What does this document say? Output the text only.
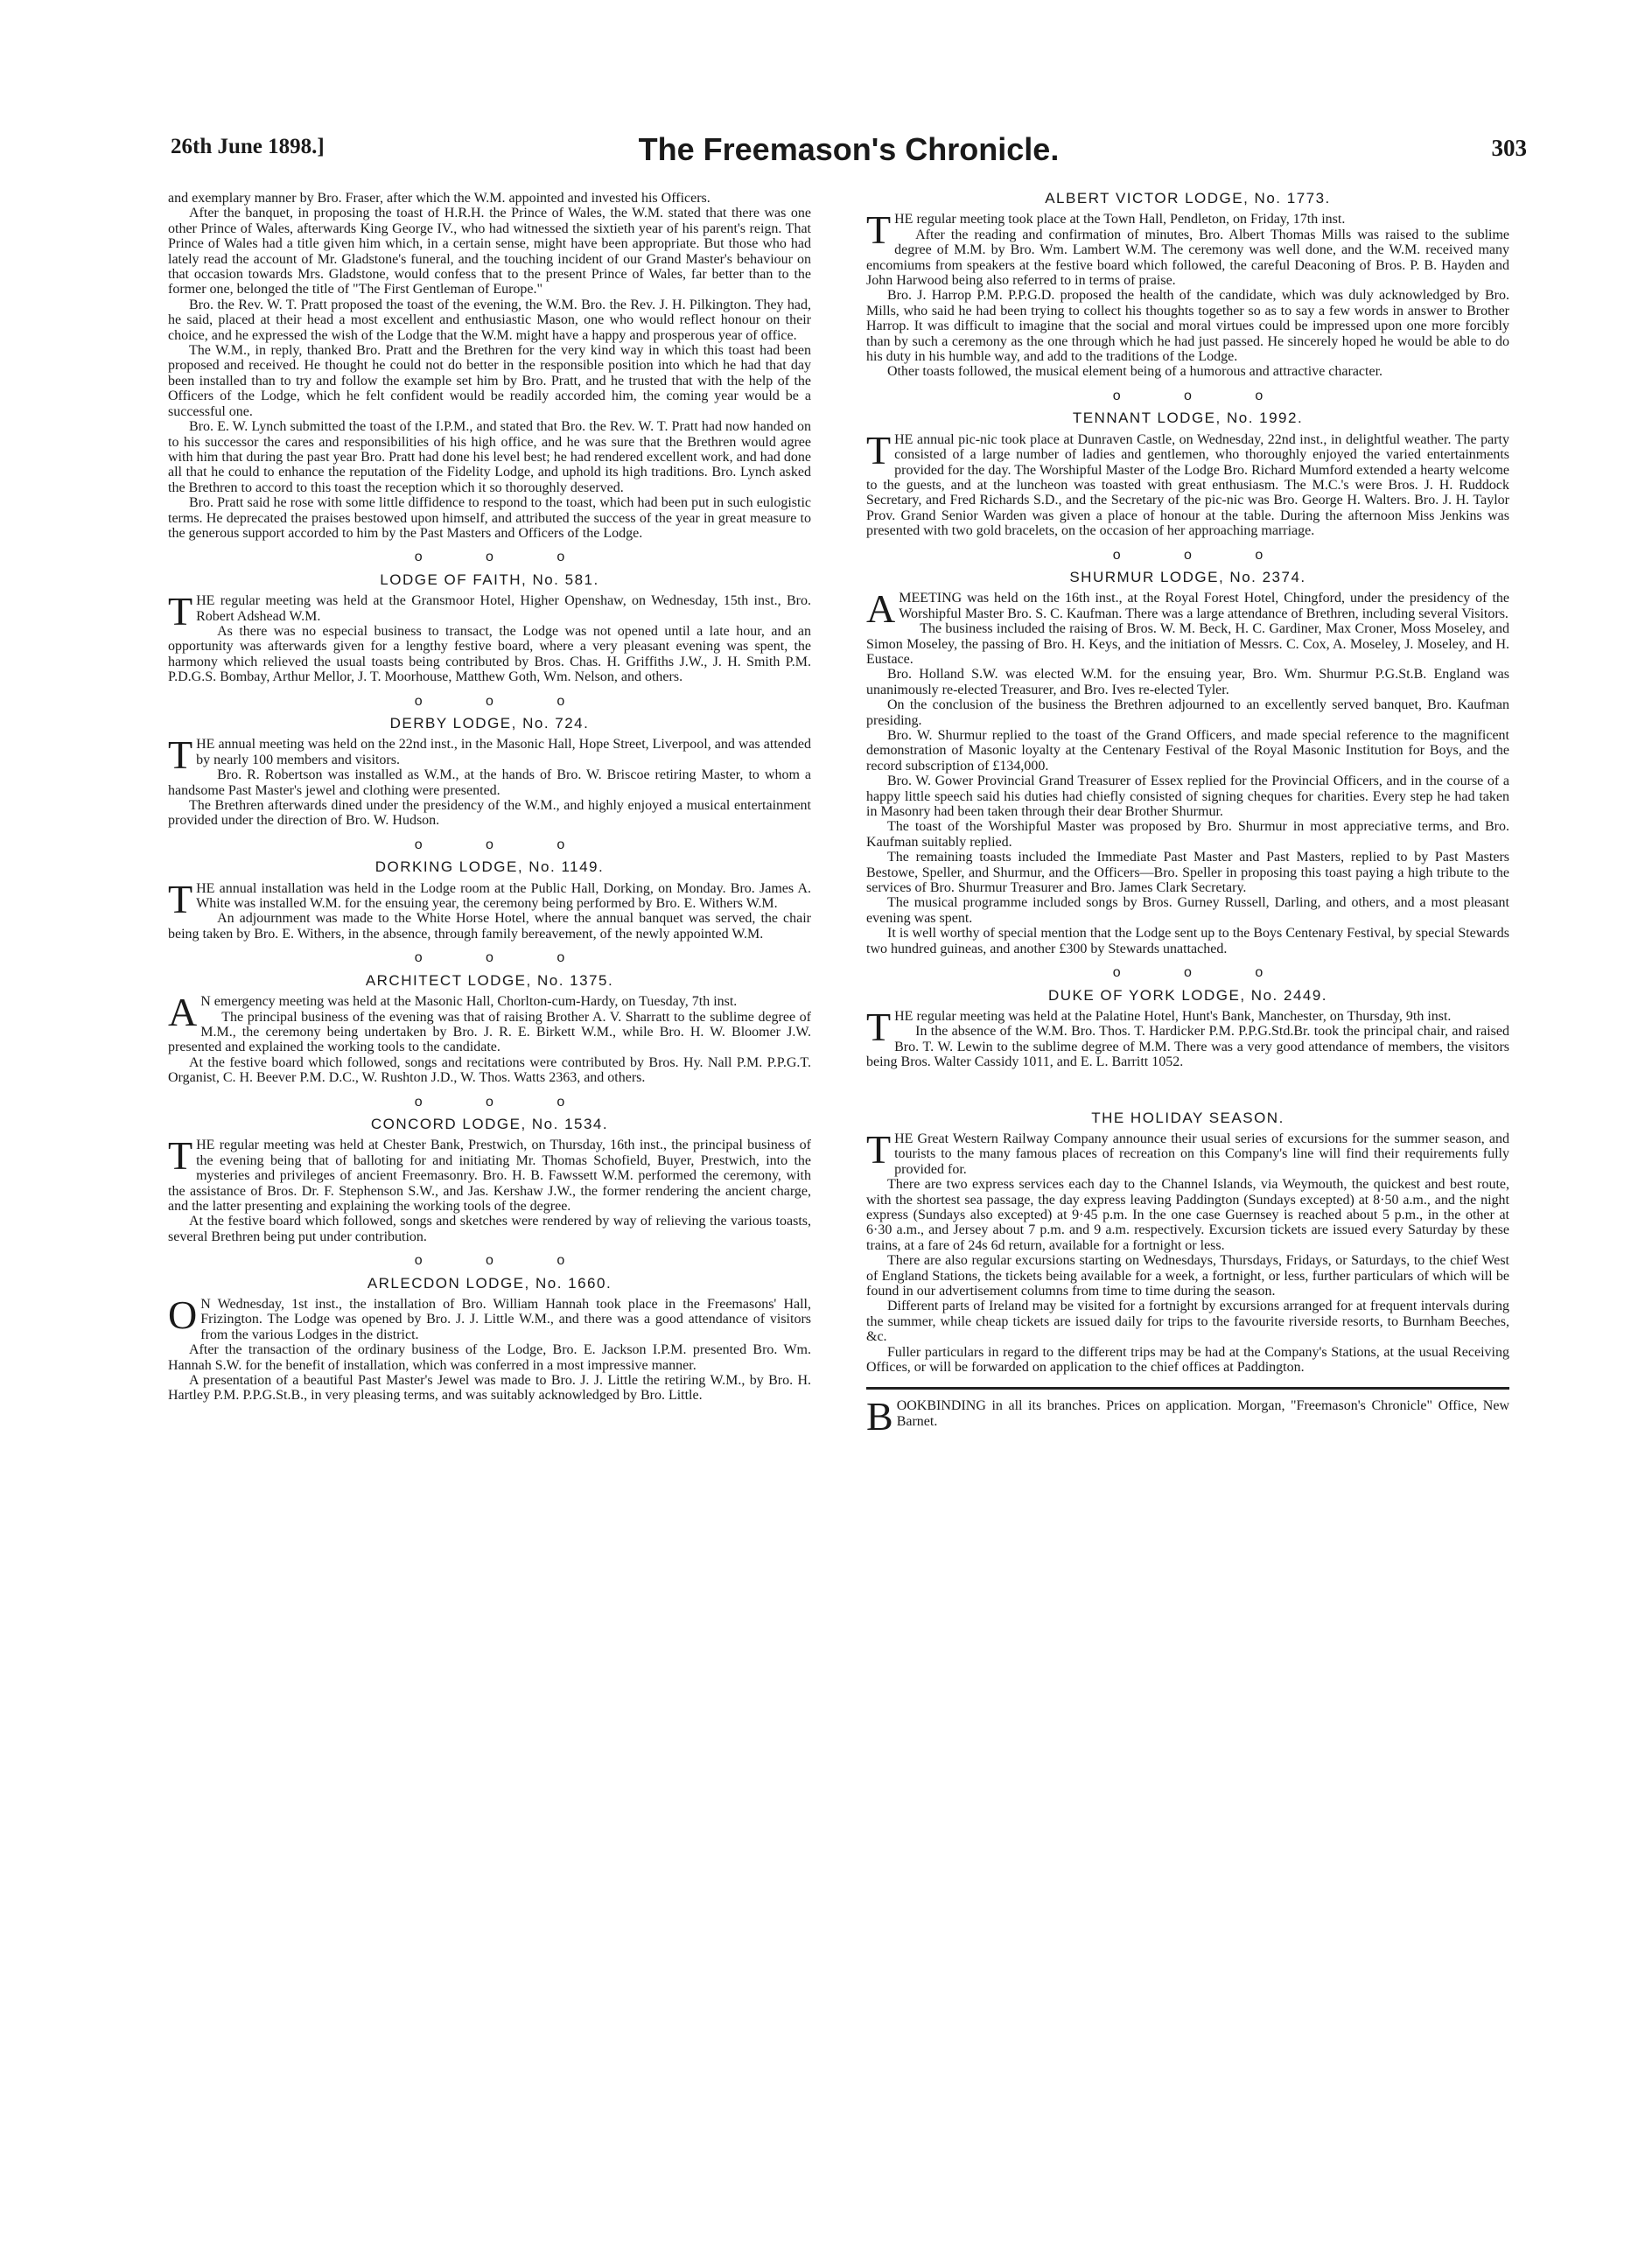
26th June 1898.]	The Freemason's Chronicle.	303

and exemplary manner by Bro. Fraser, after which the W.M. appointed and invested his Officers.

After the banquet, in proposing the toast of H.R.H. the Prince of Wales, the W.M. stated that there was one other Prince of Wales, afterwards King George IV., who had witnessed the sixtieth year of his parent's reign. That Prince of Wales had a title given him which, in a certain sense, might have been appropriate. But those who had lately read the account of Mr. Gladstone's funeral, and the touching incident of our Grand Master's behaviour on that occasion towards Mrs. Gladstone, would confess that to the present Prince of Wales, far better than to the former one, belonged the title of "The First Gentleman of Europe."

Bro. the Rev. W. T. Pratt proposed the toast of the evening, the W.M. Bro. the Rev. J. H. Pilkington. They had, he said, placed at their head a most excellent and enthusiastic Mason, one who would reflect honour on their choice, and he expressed the wish of the Lodge that the W.M. might have a happy and prosperous year of office.

The W.M., in reply, thanked Bro. Pratt and the Brethren for the very kind way in which this toast had been proposed and received. He thought he could not do better in the responsible position into which he had that day been installed than to try and follow the example set him by Bro. Pratt, and he trusted that with the help of the Officers of the Lodge, which he felt confident would be readily accorded him, the coming year would be a successful one.

Bro. E. W. Lynch submitted the toast of the I.P.M., and stated that Bro. the Rev. W. T. Pratt had now handed on to his successor the cares and responsibilities of his high office, and he was sure that the Brethren would agree with him that during the past year Bro. Pratt had done his level best; he had rendered excellent work, and had done all that he could to enhance the reputation of the Fidelity Lodge, and uphold its high traditions. Bro. Lynch asked the Brethren to accord to this toast the reception which it so thoroughly deserved.

Bro. Pratt said he rose with some little diffidence to respond to the toast, which had been put in such eulogistic terms. He deprecated the praises bestowed upon himself, and attributed the success of the year in great measure to the generous support accorded to him by the Past Masters and Officers of the Lodge.

o o o
LODGE OF FAITH, No. 581.

THE regular meeting was held at the Gransmoor Hotel, Higher Openshaw, on Wednesday, 15th inst., Bro. Robert Adshead W.M.

As there was no especial business to transact, the Lodge was not opened until a late hour, and an opportunity was afterwards given for a lengthy festive board, where a very pleasant evening was spent, the harmony which relieved the usual toasts being contributed by Bros. Chas. H. Griffiths J.W., J. H. Smith P.M. P.D.G.S. Bombay, Arthur Mellor, J. T. Moorhouse, Matthew Goth, Wm. Nelson, and others.

o o o
DERBY LODGE, No. 724.

THE annual meeting was held on the 22nd inst., in the Masonic Hall, Hope Street, Liverpool, and was attended by nearly 100 members and visitors.

Bro. R. Robertson was installed as W.M., at the hands of Bro. W. Briscoe retiring Master, to whom a handsome Past Master's jewel and clothing were presented.

The Brethren afterwards dined under the presidency of the W.M., and highly enjoyed a musical entertainment provided under the direction of Bro. W. Hudson.

o o o
DORKING LODGE, No. 1149.

THE annual installation was held in the Lodge room at the Public Hall, Dorking, on Monday. Bro. James A. White was installed W.M. for the ensuing year, the ceremony being performed by Bro. E. Withers W.M.

An adjournment was made to the White Horse Hotel, where the annual banquet was served, the chair being taken by Bro. E. Withers, in the absence, through family bereavement, of the newly appointed W.M.

o o o
ARCHITECT LODGE, No. 1375.

A N emergency meeting was held at the Masonic Hall, Chorlton-cum-Hardy, on Tuesday, 7th inst.

The principal business of the evening was that of raising Brother A. V. Sharratt to the sublime degree of M.M., the ceremony being undertaken by Bro. J. R. E. Birkett W.M., while Bro. H. W. Bloomer J.W. presented and explained the working tools to the candidate.

At the festive board which followed, songs and recitations were contributed by Bros. Hy. Nall P.M. P.P.G.T. Organist, C. H. Beever P.M. D.C., W. Rushton J.D., W. Thos. Watts 2363, and others.

o o o
CONCORD LODGE, No. 1534.

THE regular meeting was held at Chester Bank, Prestwich, on Thursday, 16th inst., the principal business of the evening being that of balloting for and initiating Mr. Thomas Schofield, Buyer, Prestwich, into the mysteries and privileges of ancient Freemasonry. Bro. H. B. Fawssett W.M. performed the ceremony, with the assistance of Bros. Dr. F. Stephenson S.W., and Jas. Kershaw J.W., the former rendering the ancient charge, and the latter presenting and explaining the working tools of the degree.

At the festive board which followed, songs and sketches were rendered by way of relieving the various toasts, several Brethren being put under contribution.

o o o
ARLECDON LODGE, No. 1660.

O N Wednesday, 1st inst., the installation of Bro. William Hannah took place in the Freemasons' Hall, Frizington. The Lodge was opened by Bro. J. J. Little W.M., and there was a good attendance of visitors from the various Lodges in the district.

After the transaction of the ordinary business of the Lodge, Bro. E. Jackson I.P.M. presented Bro. Wm. Hannah S.W. for the benefit of installation, which was conferred in a most impressive manner.

A presentation of a beautiful Past Master's Jewel was made to Bro. J. J. Little the retiring W.M., by Bro. H. Hartley P.M. P.P.G.St.B., in very pleasing terms, and was suitably acknowledged by Bro. Little.

ALBERT VICTOR LODGE, No. 1773.

THE regular meeting took place at the Town Hall, Pendleton, on Friday, 17th inst.

After the reading and confirmation of minutes, Bro. Albert Thomas Mills was raised to the sublime degree of M.M. by Bro. Wm. Lambert W.M. The ceremony was well done, and the W.M. received many encomiums from speakers at the festive board which followed, the careful Deaconing of Bros. P. B. Hayden and John Harwood being also referred to in terms of praise.

Bro. J. Harrop P.M. P.P.G.D. proposed the health of the candidate, which was duly acknowledged by Bro. Mills, who said he had been trying to collect his thoughts together so as to say a few words in answer to Brother Harrop. It was difficult to imagine that the social and moral virtues could be impressed upon one more forcibly than by such a ceremony as the one through which he had just passed. He sincerely hoped he would be able to do his duty in his humble way, and add to the traditions of the Lodge.

Other toasts followed, the musical element being of a humorous and attractive character.

o o o
TENNANT LODGE, No. 1992.

THE annual pic-nic took place at Dunraven Castle, on Wednesday, 22nd inst., in delightful weather. The party consisted of a large number of ladies and gentlemen, who thoroughly enjoyed the varied entertainments provided for the day. The Worshipful Master of the Lodge Bro. Richard Mumford extended a hearty welcome to the guests, and at the luncheon was toasted with great enthusiasm. The M.C.'s were Bros. J. H. Ruddock Secretary, and Fred Richards S.D., and the Secretary of the pic-nic was Bro. George H. Walters. Bro. J. H. Taylor Prov. Grand Senior Warden was given a place of honour at the table. During the afternoon Miss Jenkins was presented with two gold bracelets, on the occasion of her approaching marriage.

o o o
SHURMUR LODGE, No. 2374.

AMEETING was held on the 16th inst., at the Royal Forest Hotel, Chingford, under the presidency of the Worshipful Master Bro. S. C. Kaufman. There was a large attendance of Brethren, including several Visitors.

The business included the raising of Bros. W. M. Beck, H. C. Gardiner, Max Croner, Moss Moseley, and Simon Moseley, the passing of Bro. H. Keys, and the initiation of Messrs. C. Cox, A. Moseley, J. Moseley, and H. Eustace.

Bro. Holland S.W. was elected W.M. for the ensuing year, Bro. Wm. Shurmur P.G.St.B. England was unanimously re-elected Treasurer, and Bro. Ives re-elected Tyler.

On the conclusion of the business the Brethren adjourned to an excellently served banquet, Bro. Kaufman presiding.

Bro. W. Shurmur replied to the toast of the Grand Officers, and made special reference to the magnificent demonstration of Masonic loyalty at the Centenary Festival of the Royal Masonic Institution for Boys, and the record subscription of £134,000.

Bro. W. Gower Provincial Grand Treasurer of Essex replied for the Provincial Officers, and in the course of a happy little speech said his duties had chiefly consisted of signing cheques for charities. Every step he had taken in Masonry had been taken through their dear Brother Shurmur.

The toast of the Worshipful Master was proposed by Bro. Shurmur in most appreciative terms, and Bro. Kaufman suitably replied.

The remaining toasts included the Immediate Past Master and Past Masters, replied to by Past Masters Bestowe, Speller, and Shurmur, and the Officers—Bro. Speller in proposing this toast paying a high tribute to the services of Bro. Shurmur Treasurer and Bro. James Clark Secretary.

The musical programme included songs by Bros. Gurney Russell, Darling, and others, and a most pleasant evening was spent.

It is well worthy of special mention that the Lodge sent up to the Boys Centenary Festival, by special Stewards two hundred guineas, and another £300 by Stewards unattached.

o o o
DUKE OF YORK LODGE, No. 2449.

THE regular meeting was held at the Palatine Hotel, Hunt's Bank, Manchester, on Thursday, 9th inst.

In the absence of the W.M. Bro. Thos. T. Hardicker P.M. P.P.G.Std.Br. took the principal chair, and raised Bro. T. W. Lewin to the sublime degree of M.M. There was a very good attendance of members, the visitors being Bros. Walter Cassidy 1011, and E. L. Barritt 1052.

THE HOLIDAY SEASON.

THE Great Western Railway Company announce their usual series of excursions for the summer season, and tourists to the many famous places of recreation on this Company's line will find their requirements fully provided for.

There are two express services each day to the Channel Islands, via Weymouth, the quickest and best route, with the shortest sea passage, the day express leaving Paddington (Sundays excepted) at 8·50 a.m., and the night express (Sundays also excepted) at 9·45 p.m. In the one case Guernsey is reached about 5 p.m., in the other at 6·30 a.m., and Jersey about 7 p.m. and 9 a.m. respectively. Excursion tickets are issued every Saturday by these trains, at a fare of 24s 6d return, available for a fortnight or less.

There are also regular excursions starting on Wednesdays, Thursdays, Fridays, or Saturdays, to the chief West of England Stations, the tickets being available for a week, a fortnight, or less, further particulars of which will be found in our advertisement columns from time to time during the season.

Different parts of Ireland may be visited for a fortnight by excursions arranged for at frequent intervals during the summer, while cheap tickets are issued daily for trips to the favourite riverside resorts, to Burnham Beeches, &c.

Fuller particulars in regard to the different trips may be had at the Company's Stations, at the usual Receiving Offices, or will be forwarded on application to the chief offices at Paddington.

BOOKBINDING in all its branches. Prices on application. Morgan, "Freemason's Chronicle" Office, New Barnet.
